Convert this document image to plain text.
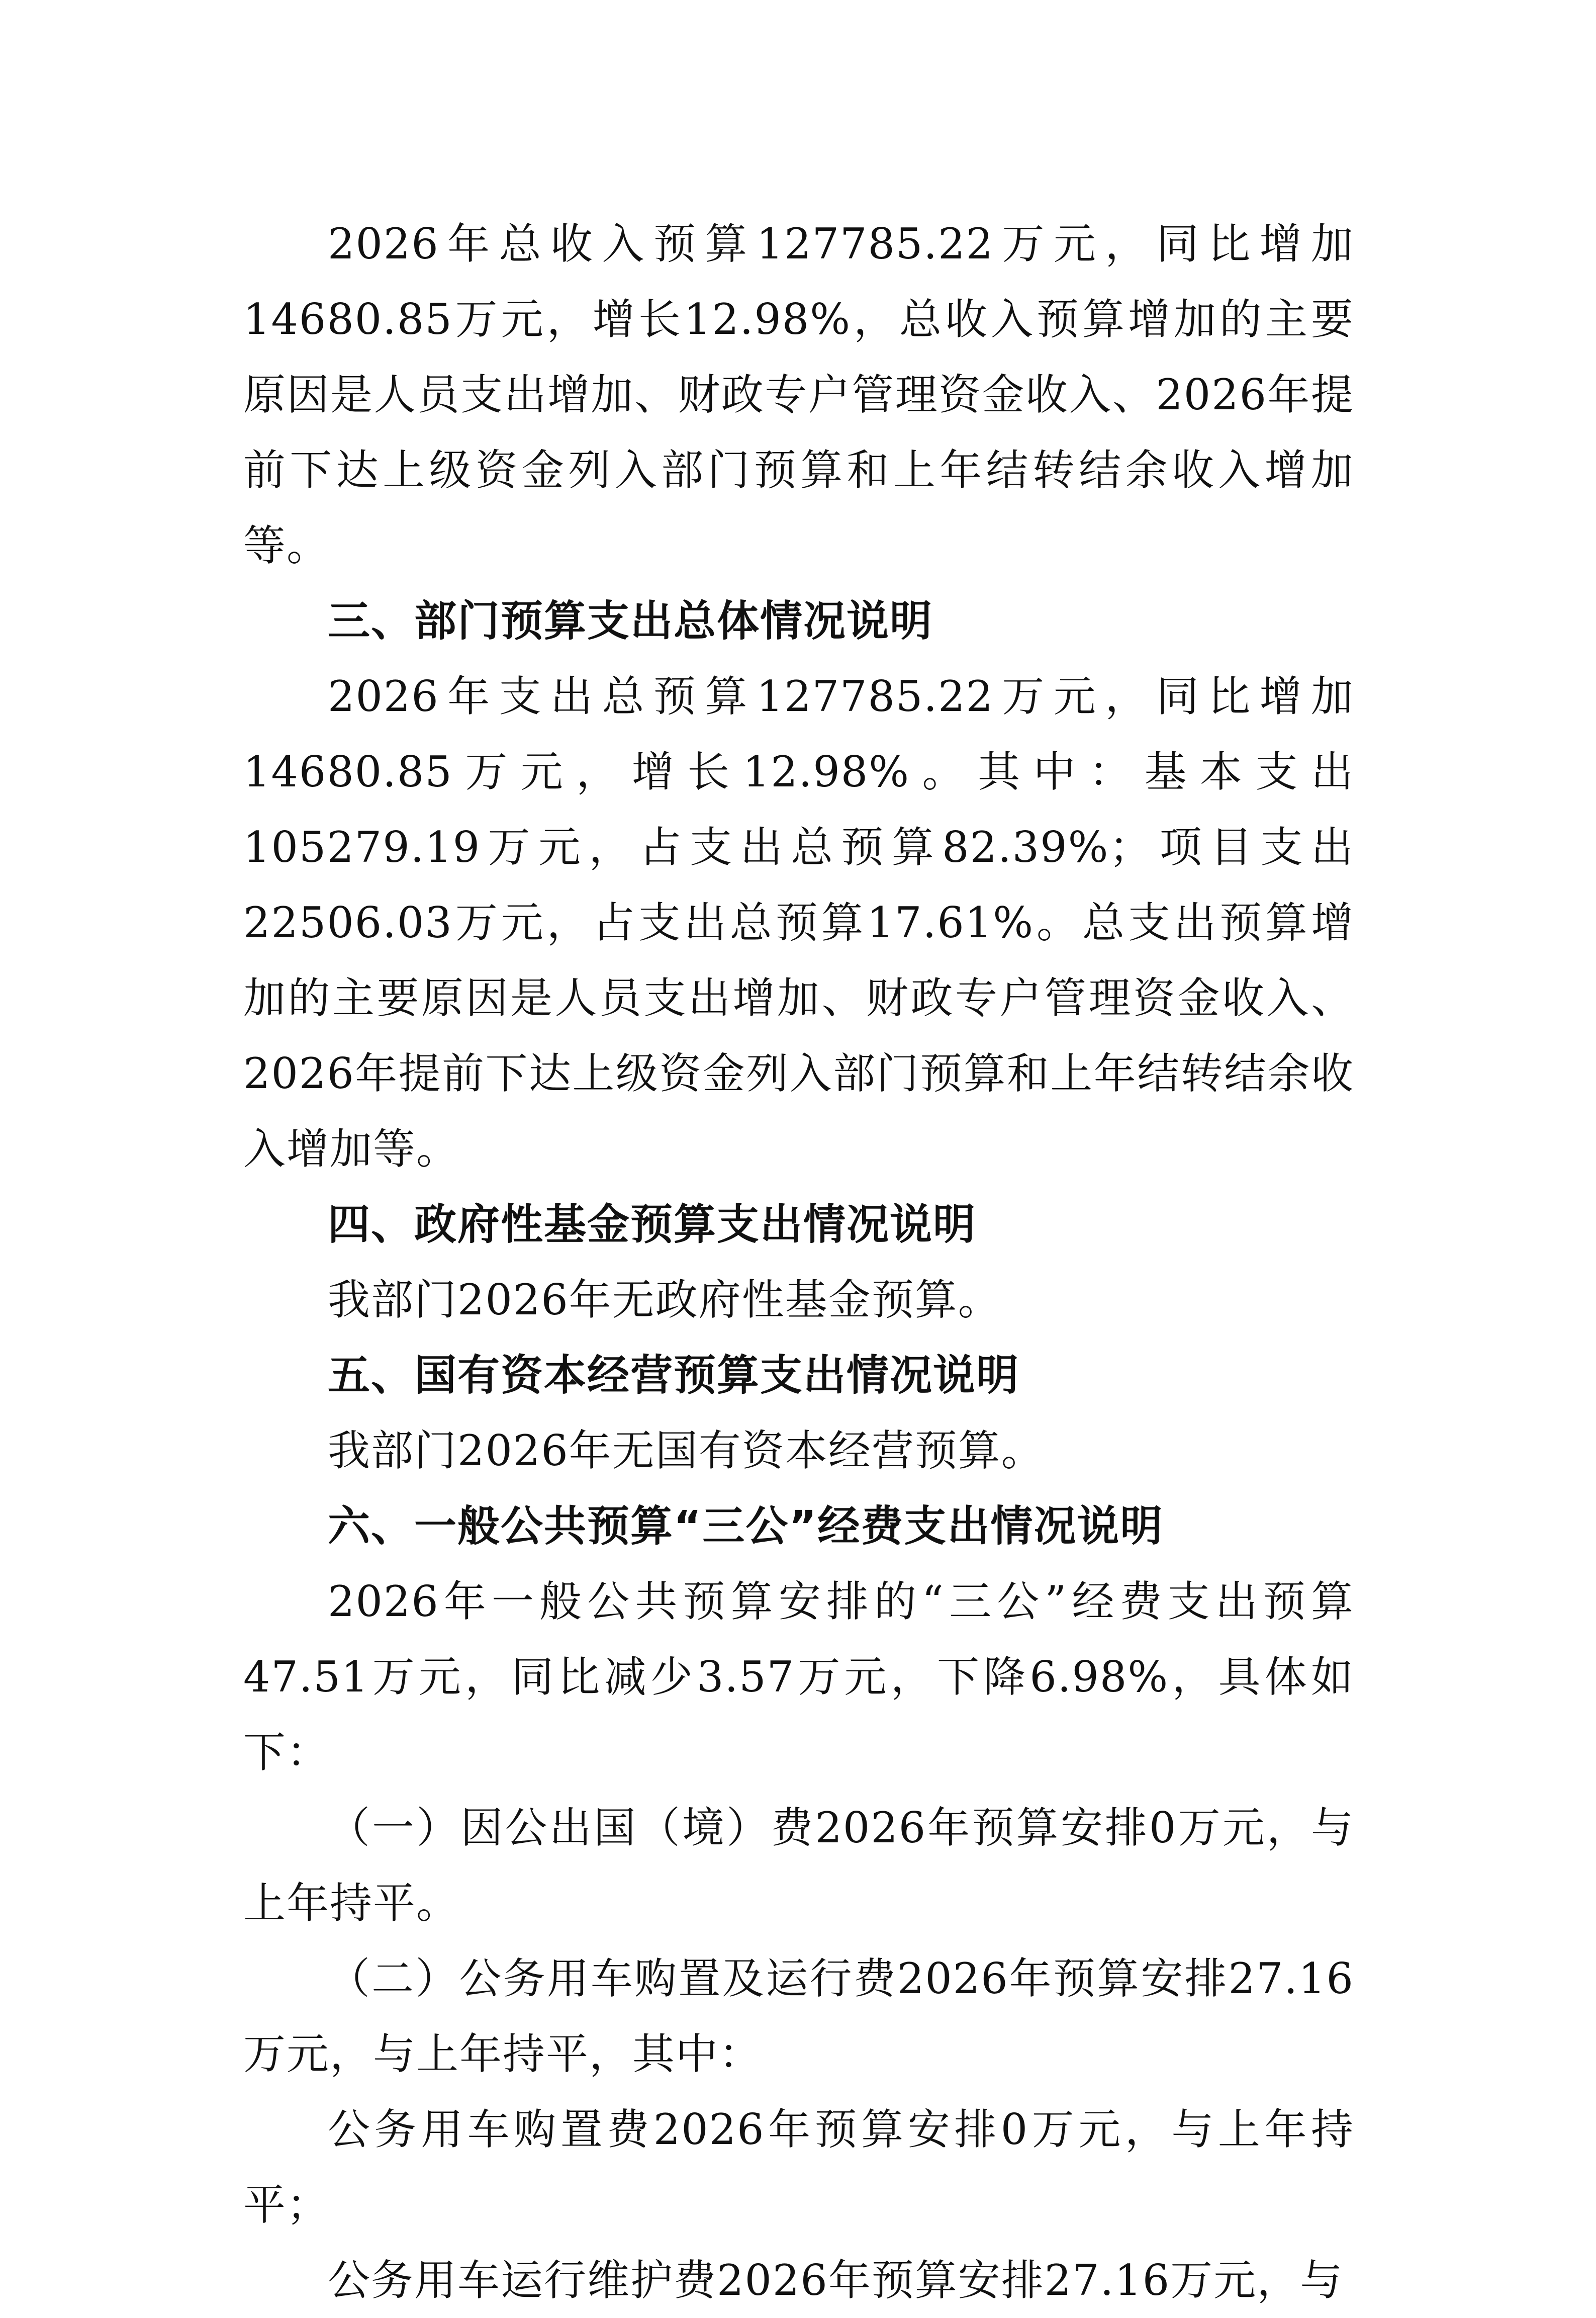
2026年总收入预算127785.22万元，同比增加14680.85万元，增长12.98%，总收入预算增加的主要原因是人员支出增加、财政专户管理资金收入、2026年提前下达上级资金列入部门预算和上年结转结余收入增加等。

三、部门预算支出总体情况说明

2026年支出总预算127785.22万元，同比增加14680.85万元，增长12.98%。其中：基本支出105279.19万元，占支出总预算82.39%；项目支出22506.03万元，占支出总预算17.61%。总支出预算增加的主要原因是人员支出增加、财政专户管理资金收入、2026年提前下达上级资金列入部门预算和上年结转结余收入增加等。

四、政府性基金预算支出情况说明

我部门2026年无政府性基金预算。

五、国有资本经营预算支出情况说明

我部门2026年无国有资本经营预算。

六、一般公共预算“三公”经费支出情况说明

2026年一般公共预算安排的“三公”经费支出预算47.51万元，同比减少3.57万元，下降6.98%，具体如下：

（一）因公出国（境）费2026年预算安排0万元，与上年持平。

（二）公务用车购置及运行费2026年预算安排27.16万元，与上年持平，其中：

公务用车购置费2026年预算安排0万元，与上年持平；

公务用车运行维护费2026年预算安排27.16万元，与
